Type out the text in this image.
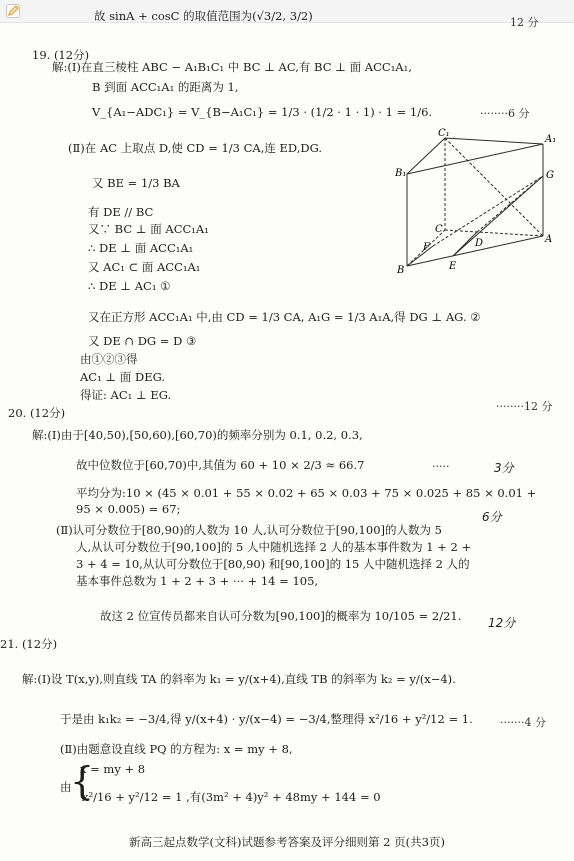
故 sinA + cosC 的取值范围为(√3/2, 3/2)	12 分
19. (12分)
解:(Ⅰ)在直三棱柱 ABC − A₁B₁C₁ 中 BC ⊥ AC,有 BC ⊥ 面 ACC₁A₁,
B 到面 ACC₁A₁ 的距离为 1,
V_{A₁−ADC₁} = V_{B−A₁C₁} = 1/3 · (1/2 · 1 · 1) · 1 = 1/6.	········6 分
(Ⅱ)在 AC 上取点 D,使 CD = 1/3 CA,连 ED,DG.
又 BE = 1/3 BA
有 DE // BC
又∵ BC ⊥ 面 ACC₁A₁
∴ DE ⊥ 面 ACC₁A₁
又 AC₁ ⊂ 面 ACC₁A₁
∴ DE ⊥ AC₁ ①
又在正方形 ACC₁A₁ 中,由 CD = 1/3 CA, A₁G = 1/3 A₁A,得 DG ⊥ AG. ②
又 DE ∩ DG = D ③
由①②③得
AC₁ ⊥ 面 DEG.
得证: AC₁ ⊥ EG.
········12 分
C₁
A₁
B₁	G
C
F	D	A
B	E
20. (12分)
解:(Ⅰ)由于[40,50),[50,60),[60,70)的频率分别为 0.1, 0.2, 0.3,
故中位数位于[60,70)中,其值为 60 + 10 × 2/3 ≈ 66.7	·····	3分
平均分为:10 × (45 × 0.01 + 55 × 0.02 + 65 × 0.03 + 75 × 0.025 + 85 × 0.01 +
95 × 0.005) = 67;
6分
(Ⅱ)认可分数位于[80,90)的人数为 10 人,认可分数位于[90,100]的人数为 5
人,从认可分数位于[90,100]的 5 人中随机选择 2 人的基本事件数为 1 + 2 +
3 + 4 = 10,从认可分数位于[80,90) 和[90,100]的 15 人中随机选择 2 人的
基本事件总数为 1 + 2 + 3 + ··· + 14 = 105,
故这 2 位宣传员都来自认可分数为[90,100]的概率为 10/105 = 2/21. 12分
21. (12分)
解:(Ⅰ)设 T(x,y),则直线 TA 的斜率为 k₁ = y/(x+4),直线 TB 的斜率为 k₂ = y/(x−4).
于是由 k₁k₂ = −3/4,得 y/(x+4) · y/(x−4) = −3/4,整理得 x²/16 + y²/12 = 1. ·······4 分
(Ⅱ)由题意设直线 PQ 的方程为: x = my + 8,
x = my + 8
由
{
x²/16 + y²/12 = 1 ,有(3m² + 4)y² + 48my + 144 = 0
新高三起点数学(文科)试题参考答案及评分细则第 2 页(共3页)
